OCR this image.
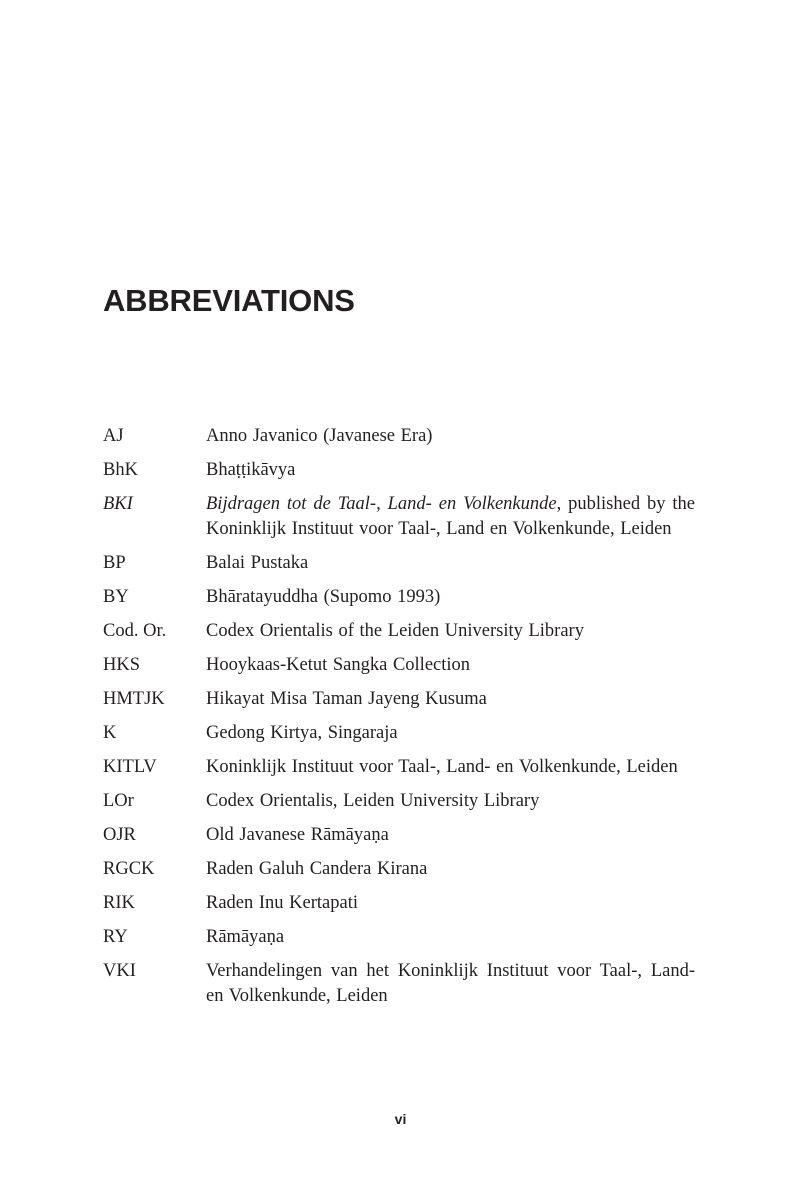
ABBREVIATIONS
AJ	Anno Javanico (Javanese Era)
BhK	Bhaṭṭikāvya
BKI	Bijdragen tot de Taal-, Land- en Volkenkunde, published by the Koninklijk Instituut voor Taal-, Land en Volkenkunde, Leiden
BP	Balai Pustaka
BY	Bhāratayuddha (Supomo 1993)
Cod. Or.	Codex Orientalis of the Leiden University Library
HKS	Hooykaas-Ketut Sangka Collection
HMTJK	Hikayat Misa Taman Jayeng Kusuma
K	Gedong Kirtya, Singaraja
KITLV	Koninklijk Instituut voor Taal-, Land- en Volkenkunde, Leiden
LOr	Codex Orientalis, Leiden University Library
OJR	Old Javanese Rāmāyaṇa
RGCK	Raden Galuh Candera Kirana
RIK	Raden Inu Kertapati
RY	Rāmāyaṇa
VKI	Verhandelingen van het Koninklijk Instituut voor Taal-, Land- en Volkenkunde, Leiden
vi
